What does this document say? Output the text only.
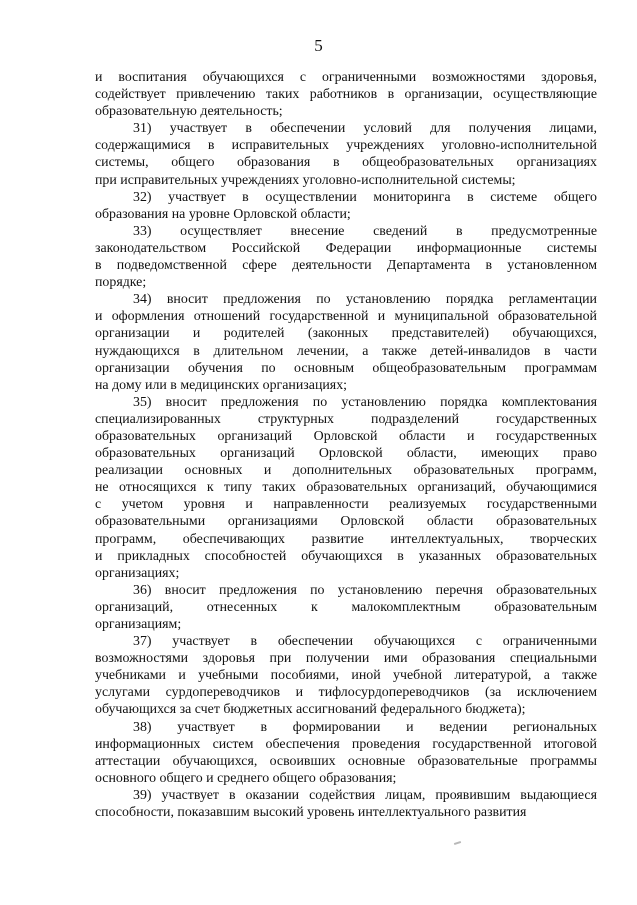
5
и воспитания обучающихся с ограниченными возможностями здоровья,
содействует привлечению таких работников в организации, осуществляющие
образовательную деятельность;
31) участвует в обеспечении условий для получения лицами,
содержащимися в исправительных учреждениях уголовно-исполнительной
системы, общего образования в общеобразовательных организациях
при исправительных учреждениях уголовно-исполнительной системы;
32) участвует в осуществлении мониторинга в системе общего
образования на уровне Орловской области;
33) осуществляет внесение сведений в предусмотренные
законодательством Российской Федерации информационные системы
в подведомственной сфере деятельности Департамента в установленном
порядке;
34) вносит предложения по установлению порядка регламентации
и оформления отношений государственной и муниципальной образовательной
организации и родителей (законных представителей) обучающихся,
нуждающихся в длительном лечении, а также детей-инвалидов в части
организации обучения по основным общеобразовательным программам
на дому или в медицинских организациях;
35) вносит предложения по установлению порядка комплектования
специализированных структурных подразделений государственных
образовательных организаций Орловской области и государственных
образовательных организаций Орловской области, имеющих право
реализации основных и дополнительных образовательных программ,
не относящихся к типу таких образовательных организаций, обучающимися
с учетом уровня и направленности реализуемых государственными
образовательными организациями Орловской области образовательных
программ, обеспечивающих развитие интеллектуальных, творческих
и прикладных способностей обучающихся в указанных образовательных
организациях;
36) вносит предложения по установлению перечня образовательных
организаций, отнесенных к малокомплектным образовательным
организациям;
37) участвует в обеспечении обучающихся с ограниченными
возможностями здоровья при получении ими образования специальными
учебниками и учебными пособиями, иной учебной литературой, а также
услугами сурдопереводчиков и тифлосурдопереводчиков (за исключением
обучающихся за счет бюджетных ассигнований федерального бюджета);
38) участвует в формировании и ведении региональных
информационных систем обеспечения проведения государственной итоговой
аттестации обучающихся, освоивших основные образовательные программы
основного общего и среднего общего образования;
39) участвует в оказании содействия лицам, проявившим выдающиеся
способности, показавшим высокий уровень интеллектуального развития
